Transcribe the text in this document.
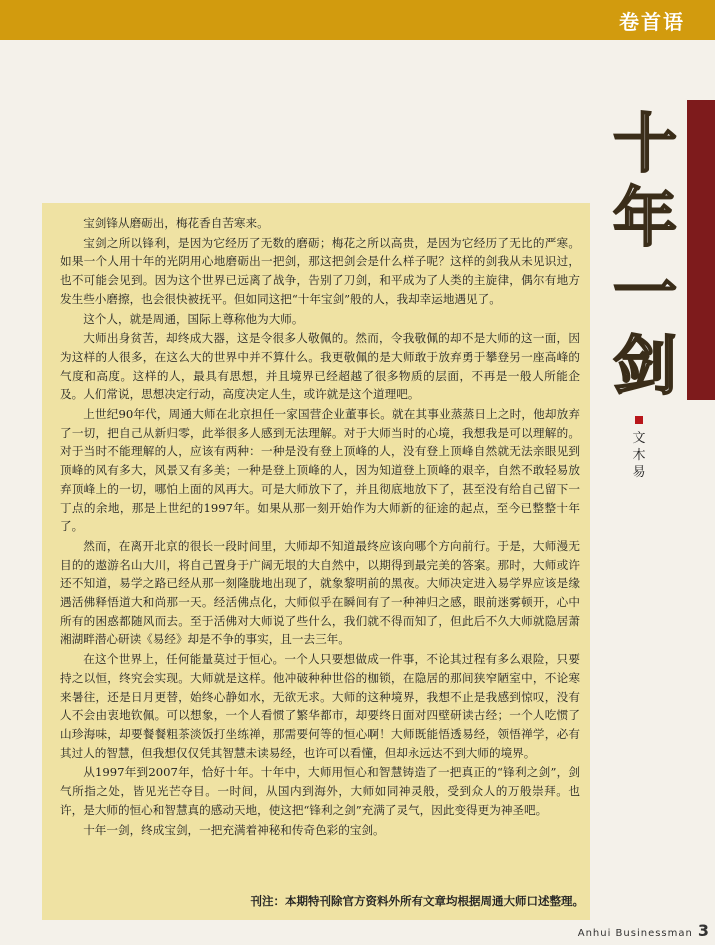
卷首语
十
年
一
剑
文
木
易

宝剑锋从磨砺出，梅花香自苦寒来。

宝剑之所以锋利，是因为它经历了无数的磨砺；梅花之所以高贵，是因为它经历了无比的严寒。如果一个人用十年的光阴用心地磨砺出一把剑，那这把剑会是什么样子呢？这样的剑我从未见识过，也不可能会见到。因为这个世界已远离了战争，告别了刀剑，和平成为了人类的主旋律，偶尔有地方发生些小磨擦，也会很快被抚平。但如同这把“十年宝剑”般的人，我却幸运地遇见了。

这个人，就是周通，国际上尊称他为大师。

大师出身贫苦，却终成大器，这是令很多人敬佩的。然而，令我敬佩的却不是大师的这一面，因为这样的人很多，在这么大的世界中并不算什么。我更敬佩的是大师敢于放弃勇于攀登另一座高峰的气度和高度。这样的人，最具有思想，并且境界已经超越了很多物质的层面，不再是一般人所能企及。人们常说，思想决定行动，高度决定人生，或许就是这个道理吧。

上世纪90年代，周通大师在北京担任一家国营企业董事长。就在其事业蒸蒸日上之时，他却放弃了一切，把自己从新归零，此举很多人感到无法理解。对于大师当时的心境，我想我是可以理解的。对于当时不能理解的人，应该有两种：一种是没有登上顶峰的人，没有登上顶峰自然就无法亲眼见到顶峰的风有多大，风景又有多美；一种是登上顶峰的人，因为知道登上顶峰的艰辛，自然不敢轻易放弃顶峰上的一切，哪怕上面的风再大。可是大师放下了，并且彻底地放下了，甚至没有给自己留下一丁点的余地，那是上世纪的1997年。如果从那一刻开始作为大师新的征途的起点，至今已整整十年了。

然而，在离开北京的很长一段时间里，大师却不知道最终应该向哪个方向前行。于是，大师漫无目的的遨游名山大川，将自己置身于广阔无垠的大自然中，以期得到最完美的答案。那时，大师或许还不知道，易学之路已经从那一刻隆胧地出现了，就象黎明前的黑夜。大师决定进入易学界应该是缘遇活佛释悟道大和尚那一天。经活佛点化，大师似乎在瞬间有了一种神归之感，眼前迷雾顿开，心中所有的困惑都随风而去。至于活佛对大师说了些什么，我们就不得而知了，但此后不久大师就隐居萧湘湖畔潜心研读《易经》却是不争的事实，且一去三年。

在这个世界上，任何能量莫过于恒心。一个人只要想做成一件事，不论其过程有多么艰险，只要持之以恒，终究会实现。大师就是这样。他冲破种种世俗的枷锁，在隐居的那间狭窄陋室中，不论寒来暑往，还是日月更替，始终心静如水，无欲无求。大师的这种境界，我想不止是我感到惊叹，没有人不会由衷地钦佩。可以想象，一个人看惯了繁华都市，却要终日面对四壁研读古经；一个人吃惯了山珍海味，却要餐餐粗茶淡饭打坐练禅，那需要何等的恒心啊！大师既能悟透易经，领悟禅学，必有其过人的智慧，但我想仅仅凭其智慧未读易经，也许可以看懂，但却永远达不到大师的境界。

从1997年到2007年，恰好十年。十年中，大师用恒心和智慧铸造了一把真正的“锋利之剑”，剑气所指之处，皆见光芒夺目。一时间，从国内到海外，大师如同神灵般，受到众人的万般崇拜。也许，是大师的恒心和智慧真的感动天地，使这把“锋利之剑”充满了灵气，因此变得更为神圣吧。

十年一剑，终成宝剑，一把充满着神秘和传奇色彩的宝剑。

刊注：本期特刊除官方资料外所有文章均根据周通大师口述整理。
Anhui Businessman 3
